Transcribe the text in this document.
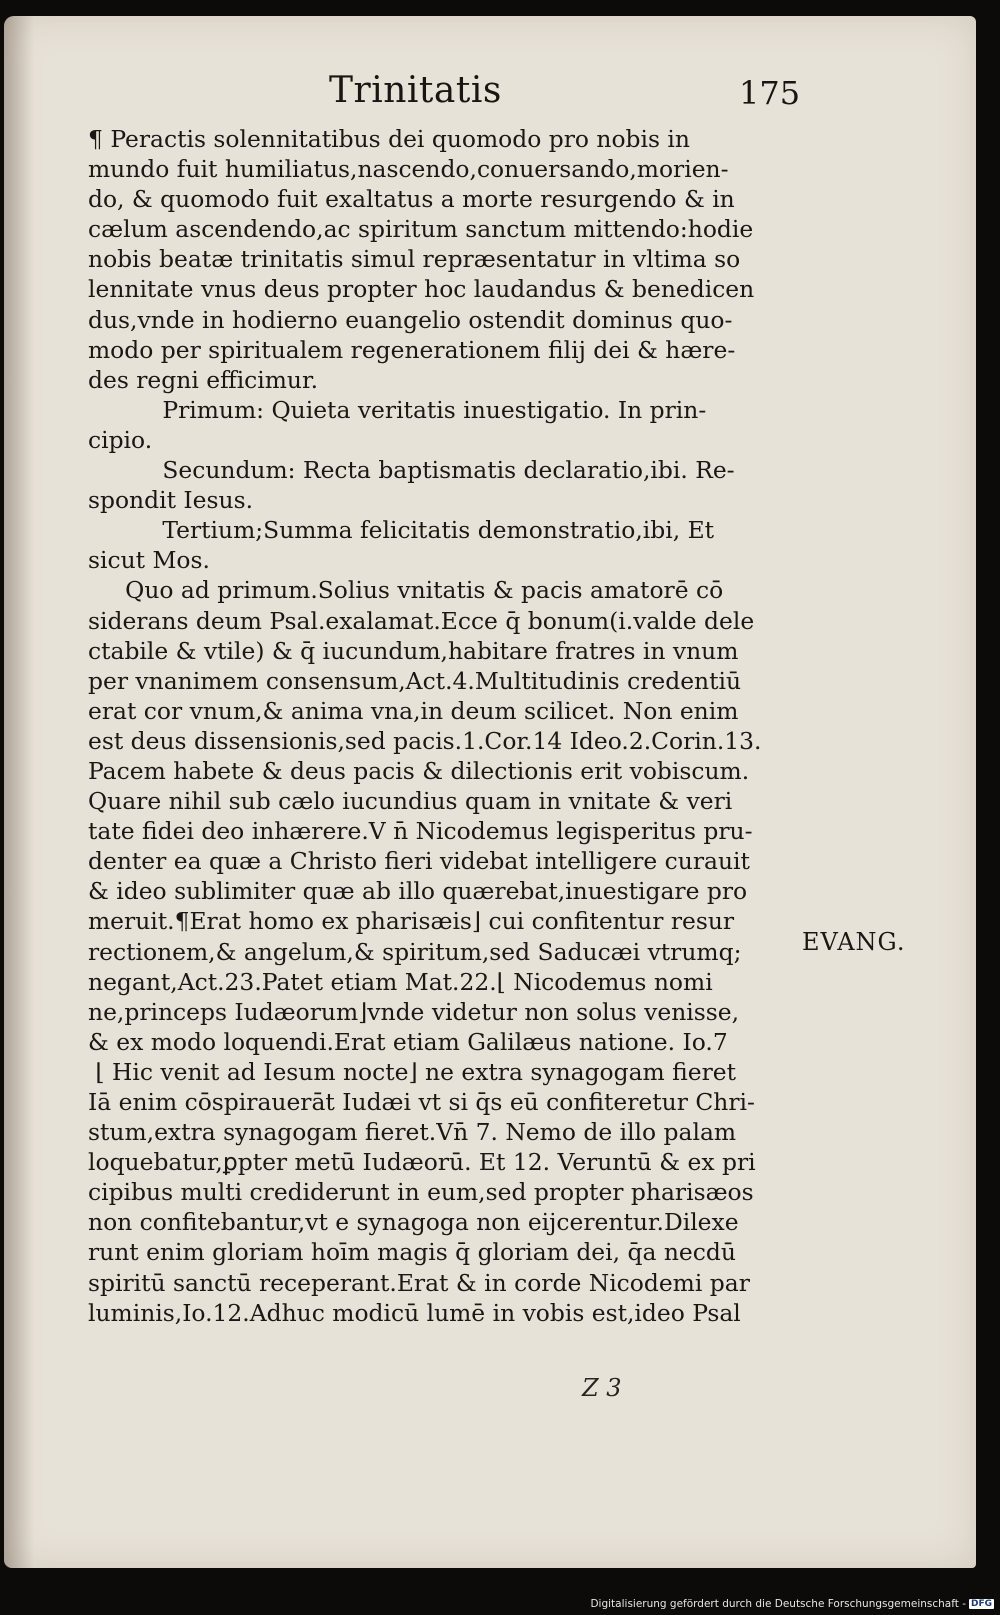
Trinitatis	175
¶ Peractis solennitatibus dei quomodo pro nobis in
mundo fuit humiliatus,nascendo,conuersando,morien-
do, & quomodo fuit exaltatus a morte resurgendo & in
cælum ascendendo,ac spiritum sanctum mittendo:hodie
nobis beatæ trinitatis simul repræsentatur in vltima so
lennitate vnus deus propter hoc laudandus & benedicen
dus,vnde in hodierno euangelio ostendit dominus quo-
modo per spiritualem regenerationem filij dei & hære-
des regni efficimur.
Primum: Quieta veritatis inuestigatio. In prin-
cipio.
Secundum: Recta baptismatis declaratio,ibi. Re-
spondit Iesus.
Tertium;Summa felicitatis demonstratio,ibi, Et
sicut Mos.
Quo ad primum.Solius vnitatis & pacis amatorē cō
siderans deum Psal.exalamat.Ecce q̄ bonum(i.valde dele
ctabile & vtile) & q̄ iucundum,habitare fratres in vnum
per vnanimem consensum,Act.4.Multitudinis credentiū
erat cor vnum,& anima vna,in deum scilicet. Non enim
est deus dissensionis,sed pacis.1.Cor.14 Ideo.2.Corin.13.
Pacem habete & deus pacis & dilectionis erit vobiscum.
Quare nihil sub cælo iucundius quam in vnitate & veri
tate fidei deo inhærere.V n̄ Nicodemus legisperitus pru-
denter ea quæ a Christo fieri videbat intelligere curauit
& ideo sublimiter quæ ab illo quærebat,inuestigare pro
meruit.¶Erat homo ex pharisæis⌋ cui confitentur resur
rectionem,& angelum,& spiritum,sed Saducæi vtrumq;
negant,Act.23.Patet etiam Mat.22.⌊ Nicodemus nomi
ne,princeps Iudæorum⌋vnde videtur non solus venisse,
& ex modo loquendi.Erat etiam Galilæus natione. Io.7
⌊ Hic venit ad Iesum nocte⌋ ne extra synagogam fieret
Iā enim cōspirauerāt Iudæi vt si q̄s eū confiteretur Chri-
stum,extra synagogam fieret.Vn̄ 7. Nemo de illo palam
loquebatur,ꝑpter metū Iudæorū. Et 12. Veruntū & ex pri
cipibus multi crediderunt in eum,sed propter pharisæos
non confitebantur,vt e synagoga non eijcerentur.Dilexe
runt enim gloriam hoīm magis q̄ gloriam dei, q̄a necdū
spiritū sanctū receperant.Erat & in corde Nicodemi par
luminis,Io.12.Adhuc modicū lumē in vobis est,ideo Psal
EVANG.
Z 3
Digitalisierung gefördert durch die Deutsche Forschungsgemeinschaft - DFG
